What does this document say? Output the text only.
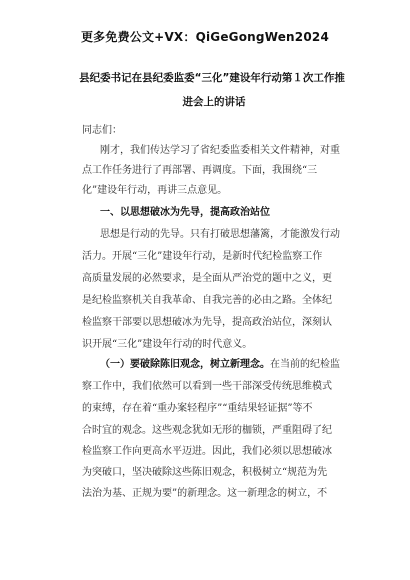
更多免费公文+VX：QiGeGongWen2024
县纪委书记在县纪委监委“三化”建设年行动第１次工作推
进会上的讲话
同志们：
刚才，我们传达学习了省纪委监委相关文件精神，对重
点工作任务进行了再部署、再调度。下面，我围绕“三
化”建设年行动，再讲三点意见。
一、以思想破冰为先导，提高政治站位
思想是行动的先导。只有打破思想藩篱，才能激发行动
活力。开展“三化”建设年行动，是新时代纪检监察工作
高质量发展的必然要求，是全面从严治党的题中之义，更
是纪检监察机关自我革命、自我完善的必由之路。全体纪
检监察干部要以思想破冰为先导，提高政治站位，深刻认
识开展“三化”建设年行动的时代意义。
（一）要破除陈旧观念，树立新理念。在当前的纪检监
察工作中，我们依然可以看到一些干部深受传统思维模式
的束缚，存在着“重办案轻程序”“重结果轻证据”等不
合时宜的观念。这些观念犹如无形的枷锁，严重阻碍了纪
检监察工作向更高水平迈进。因此，我们必须以思想破冰
为突破口，坚决破除这些陈旧观念，积极树立“规范为先
法治为基、正规为要”的新理念。这一新理念的树立，不
